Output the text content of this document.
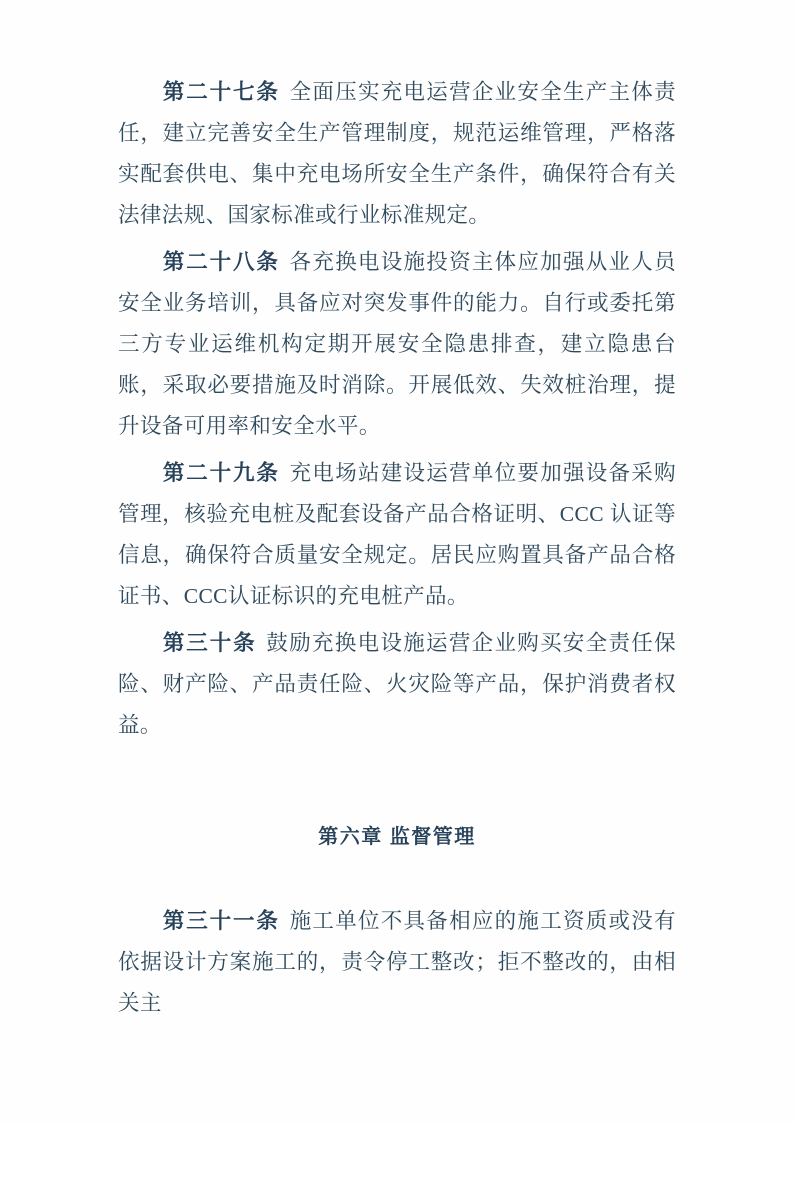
第二十七条 全面压实充电运营企业安全生产主体责任，建立完善安全生产管理制度，规范运维管理，严格落实配套供电、集中充电场所安全生产条件，确保符合有关法律法规、国家标准或行业标准规定。

第二十八条 各充换电设施投资主体应加强从业人员安全业务培训，具备应对突发事件的能力。自行或委托第三方专业运维机构定期开展安全隐患排查，建立隐患台账，采取必要措施及时消除。开展低效、失效桩治理，提升设备可用率和安全水平。

第二十九条 充电场站建设运营单位要加强设备采购管理，核验充电桩及配套设备产品合格证明、CCC 认证等信息，确保符合质量安全规定。居民应购置具备产品合格证书、CCC认证标识的充电桩产品。

第三十条 鼓励充换电设施运营企业购买安全责任保险、财产险、产品责任险、火灾险等产品，保护消费者权益。

第六章 监督管理

第三十一条 施工单位不具备相应的施工资质或没有依据设计方案施工的，责令停工整改；拒不整改的，由相关主
